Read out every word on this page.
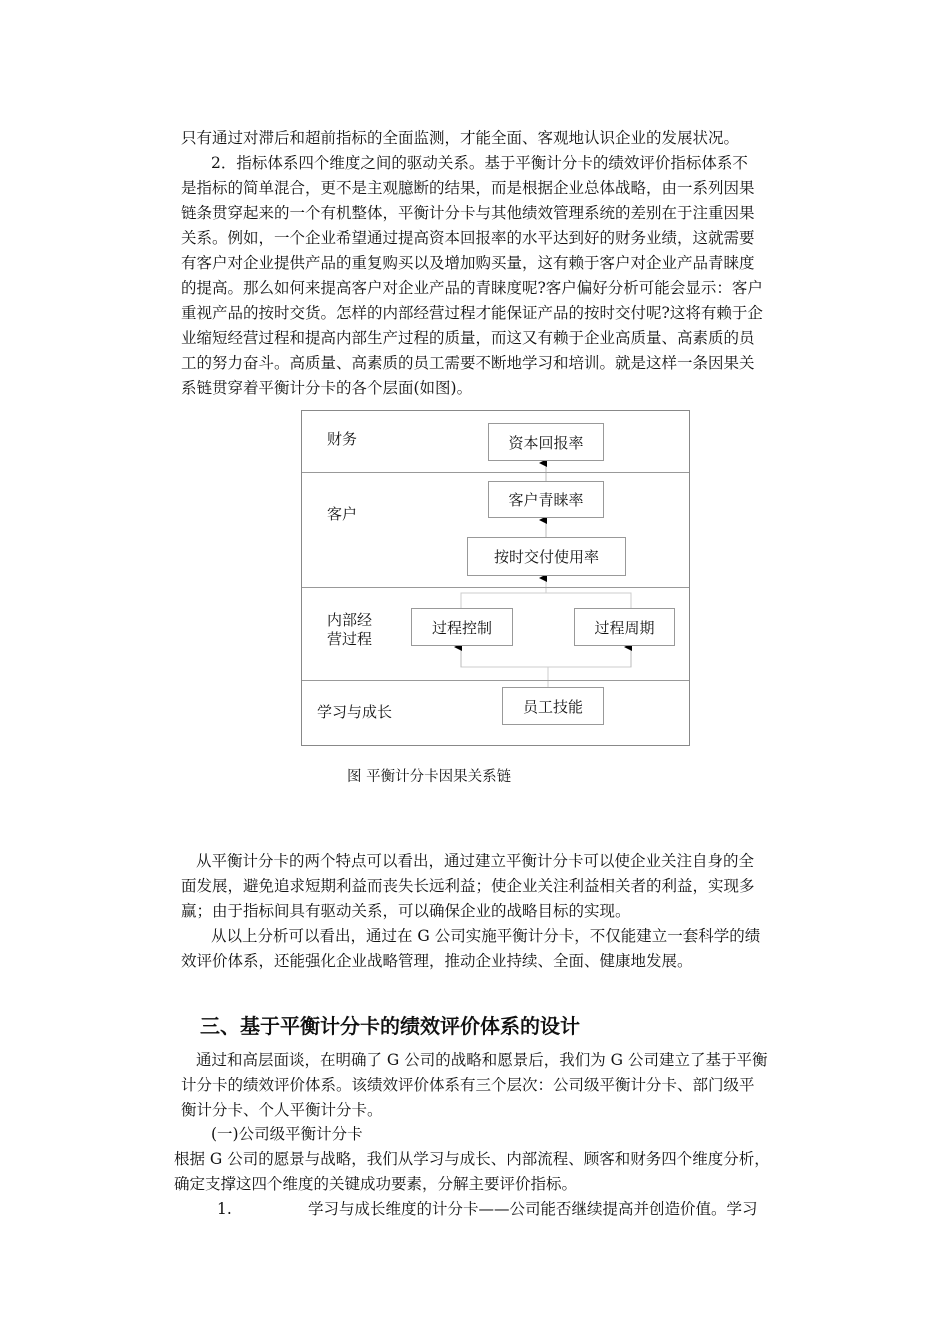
只有通过对滞后和超前指标的全面监测，才能全面、客观地认识企业的发展状况。
2．指标体系四个维度之间的驱动关系。基于平衡计分卡的绩效评价指标体系不
是指标的简单混合，更不是主观臆断的结果，而是根据企业总体战略，由一系列因果
链条贯穿起来的一个有机整体，平衡计分卡与其他绩效管理系统的差别在于注重因果
关系。例如，一个企业希望通过提高资本回报率的水平达到好的财务业绩，这就需要
有客户对企业提供产品的重复购买以及增加购买量，这有赖于客户对企业产品青睐度
的提高。那么如何来提高客户对企业产品的青睐度呢?客户偏好分析可能会显示：客户
重视产品的按时交货。怎样的内部经营过程才能保证产品的按时交付呢?这将有赖于企
业缩短经营过程和提高内部生产过程的质量，而这又有赖于企业高质量、高素质的员
工的努力奋斗。高质量、高素质的员工需要不断地学习和培训。就是这样一条因果关
系链贯穿着平衡计分卡的各个层面(如图)。
财务
客户
内部经
营过程
学习与成长
资本回报率
客户青睐率
按时交付使用率
过程控制	过程周期
员工技能
图 平衡计分卡因果关系链
从平衡计分卡的两个特点可以看出，通过建立平衡计分卡可以使企业关注自身的全
面发展，避免追求短期利益而丧失长远利益；使企业关注利益相关者的利益，实现多
赢；由于指标间具有驱动关系，可以确保企业的战略目标的实现。
从以上分析可以看出，通过在 G 公司实施平衡计分卡，不仅能建立一套科学的绩
效评价体系，还能强化企业战略管理，推动企业持续、全面、健康地发展。
三、基于平衡计分卡的绩效评价体系的设计
通过和高层面谈，在明确了 G 公司的战略和愿景后，我们为 G 公司建立了基于平衡
计分卡的绩效评价体系。该绩效评价体系有三个层次：公司级平衡计分卡、部门级平
衡计分卡、个人平衡计分卡。
(一)公司级平衡计分卡
根据 G 公司的愿景与战略，我们从学习与成长、内部流程、顾客和财务四个维度分析，
确定支撑这四个维度的关键成功要素，分解主要评价指标。
1.	学习与成长维度的计分卡——公司能否继续提高并创造价值。学习
